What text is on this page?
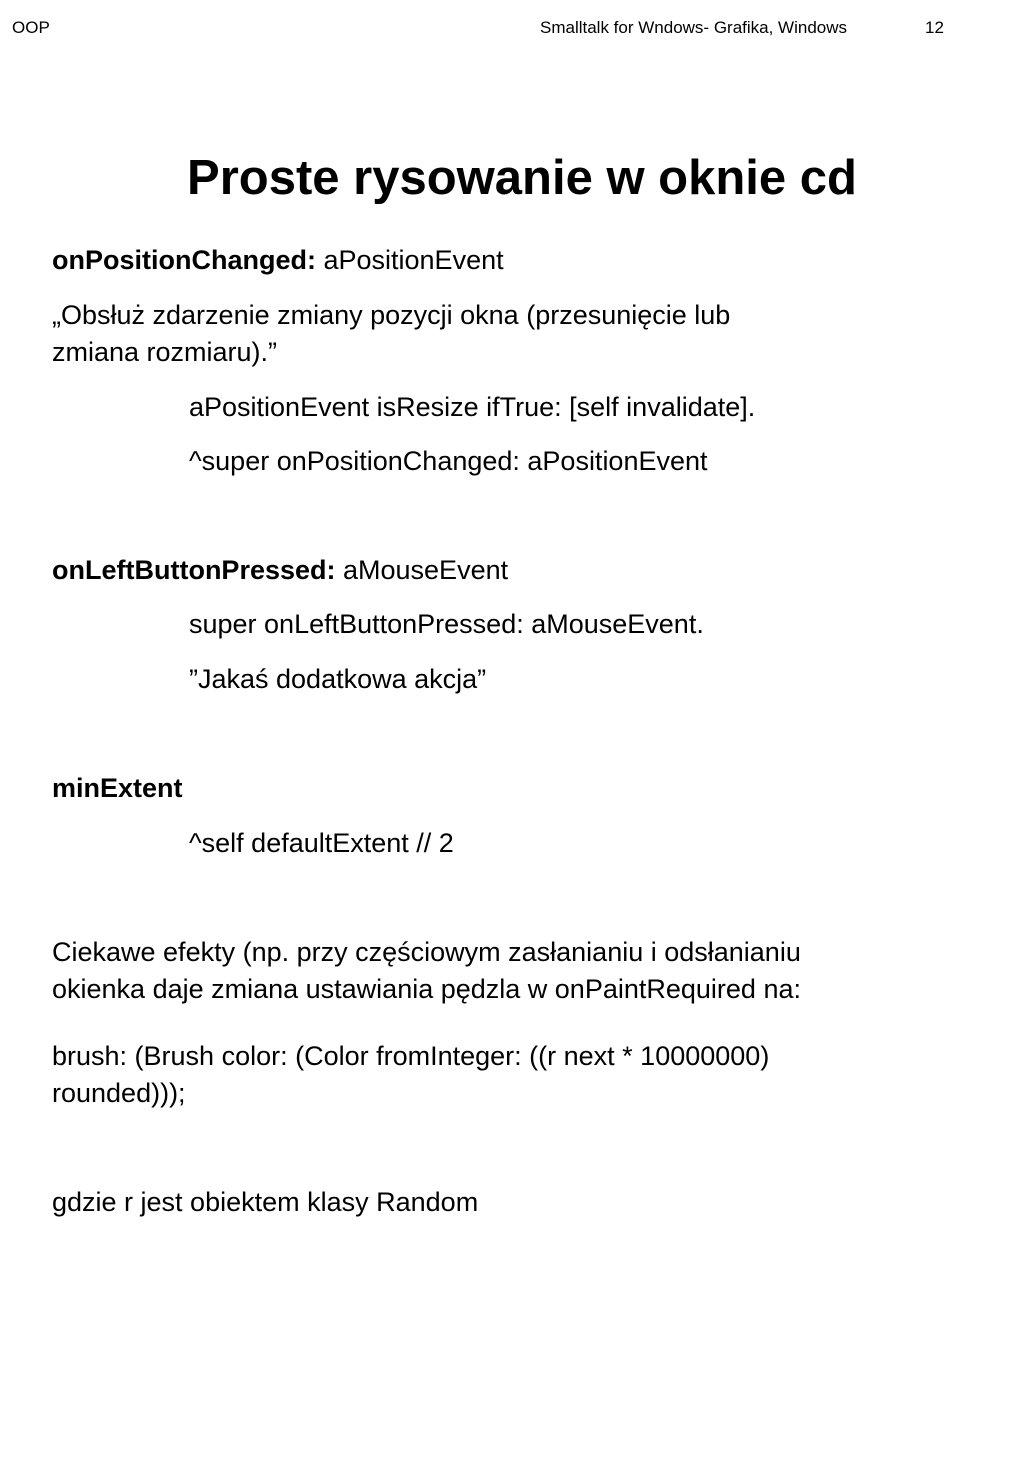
OOP	Smalltalk for Wndows- Grafika, Windows	12
Proste rysowanie w oknie cd
onPositionChanged: aPositionEvent
„Obsłuż zdarzenie zmiany pozycji okna (przesunięcie lub
zmiana rozmiaru).”
aPositionEvent isResize ifTrue: [self invalidate].
^super onPositionChanged: aPositionEvent
onLeftButtonPressed: aMouseEvent
super onLeftButtonPressed: aMouseEvent.
”Jakaś dodatkowa akcja”
minExtent
^self defaultExtent // 2
Ciekawe efekty (np. przy częściowym zasłanianiu i odsłanianiu
okienka daje zmiana ustawiania pędzla w onPaintRequired na:
brush: (Brush color: (Color fromInteger: ((r next * 10000000)
rounded)));
gdzie r jest obiektem klasy Random
